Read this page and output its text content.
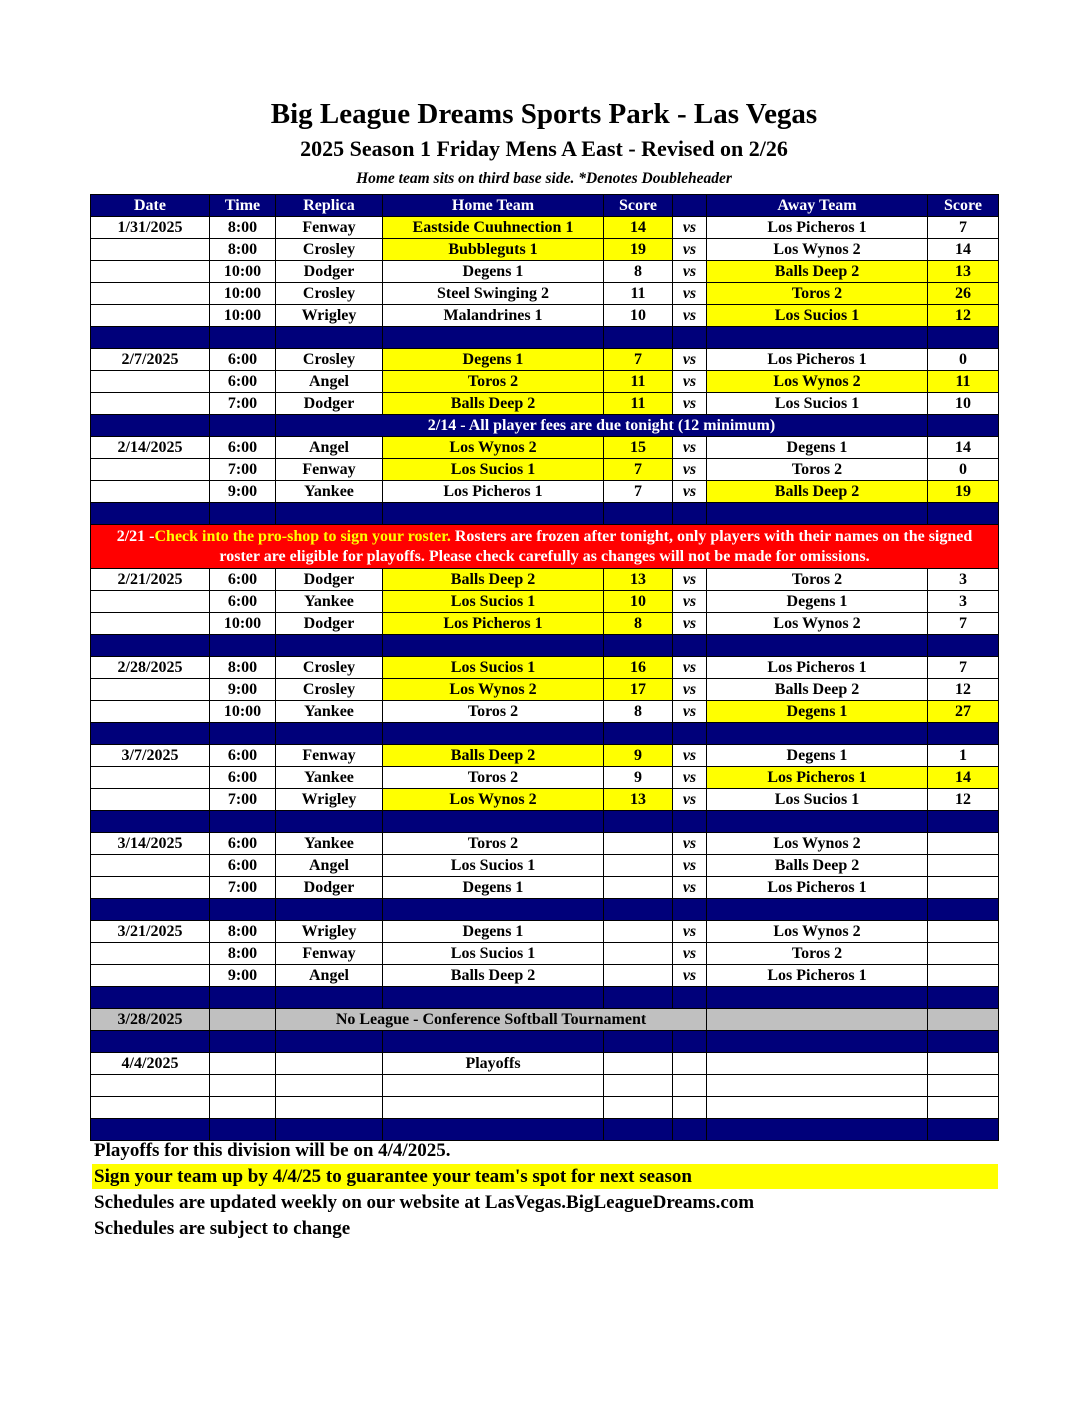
Big League Dreams Sports Park - Las Vegas
2025 Season 1 Friday Mens A East - Revised on 2/26
Home team sits on third base side. *Denotes Doubleheader
Date	Time	Replica	Home Team	Score		Away Team	Score
1/31/2025	8:00	Fenway	Eastside Cuuhnection 1	14	vs	Los Picheros 1	7
	8:00	Crosley	Bubbleguts 1	19	vs	Los Wynos 2	14
	10:00	Dodger	Degens 1	8	vs	Balls Deep 2	13
	10:00	Crosley	Steel Swinging 2	11	vs	Toros 2	26
	10:00	Wrigley	Malandrines 1	10	vs	Los Sucios 1	12

2/7/2025	6:00	Crosley	Degens 1	7	vs	Los Picheros 1	0
	6:00	Angel	Toros 2	11	vs	Los Wynos 2	11
	7:00	Dodger	Balls Deep 2	11	vs	Los Sucios 1	10
		2/14 - All player fees are due tonight (12 minimum)					
2/14/2025	6:00	Angel	Los Wynos 2	15	vs	Degens 1	14
	7:00	Fenway	Los Sucios 1	7	vs	Toros 2	0
	9:00	Yankee	Los Picheros 1	7	vs	Balls Deep 2	19

2/21 -Check into the pro-shop to sign your roster. Rosters are frozen after tonight, only players with their names on the signed roster are eligible for playoffs. Please check carefully as changes will not be made for omissions.							
2/21/2025	6:00	Dodger	Balls Deep 2	13	vs	Toros 2	3
	6:00	Yankee	Los Sucios 1	10	vs	Degens 1	3
	10:00	Dodger	Los Picheros 1	8	vs	Los Wynos 2	7

2/28/2025	8:00	Crosley	Los Sucios 1	16	vs	Los Picheros 1	7
	9:00	Crosley	Los Wynos 2	17	vs	Balls Deep 2	12
	10:00	Yankee	Toros 2	8	vs	Degens 1	27

3/7/2025	6:00	Fenway	Balls Deep 2	9	vs	Degens 1	1
	6:00	Yankee	Toros 2	9	vs	Los Picheros 1	14
	7:00	Wrigley	Los Wynos 2	13	vs	Los Sucios 1	12

3/14/2025	6:00	Yankee	Toros 2		vs	Los Wynos 2	
	6:00	Angel	Los Sucios 1		vs	Balls Deep 2	
	7:00	Dodger	Degens 1		vs	Los Picheros 1	

3/21/2025	8:00	Wrigley	Degens 1		vs	Los Wynos 2	
	8:00	Fenway	Los Sucios 1		vs	Toros 2	
	9:00	Angel	Balls Deep 2		vs	Los Picheros 1	

3/28/2025		No League - Conference Softball Tournament					

4/4/2025			Playoffs				

Playoffs for this division will be on 4/4/2025.
Sign your team up by 4/4/25 to guarantee your team's spot for next season
Schedules are updated weekly on our website at LasVegas.BigLeagueDreams.com
Schedules are subject to change
